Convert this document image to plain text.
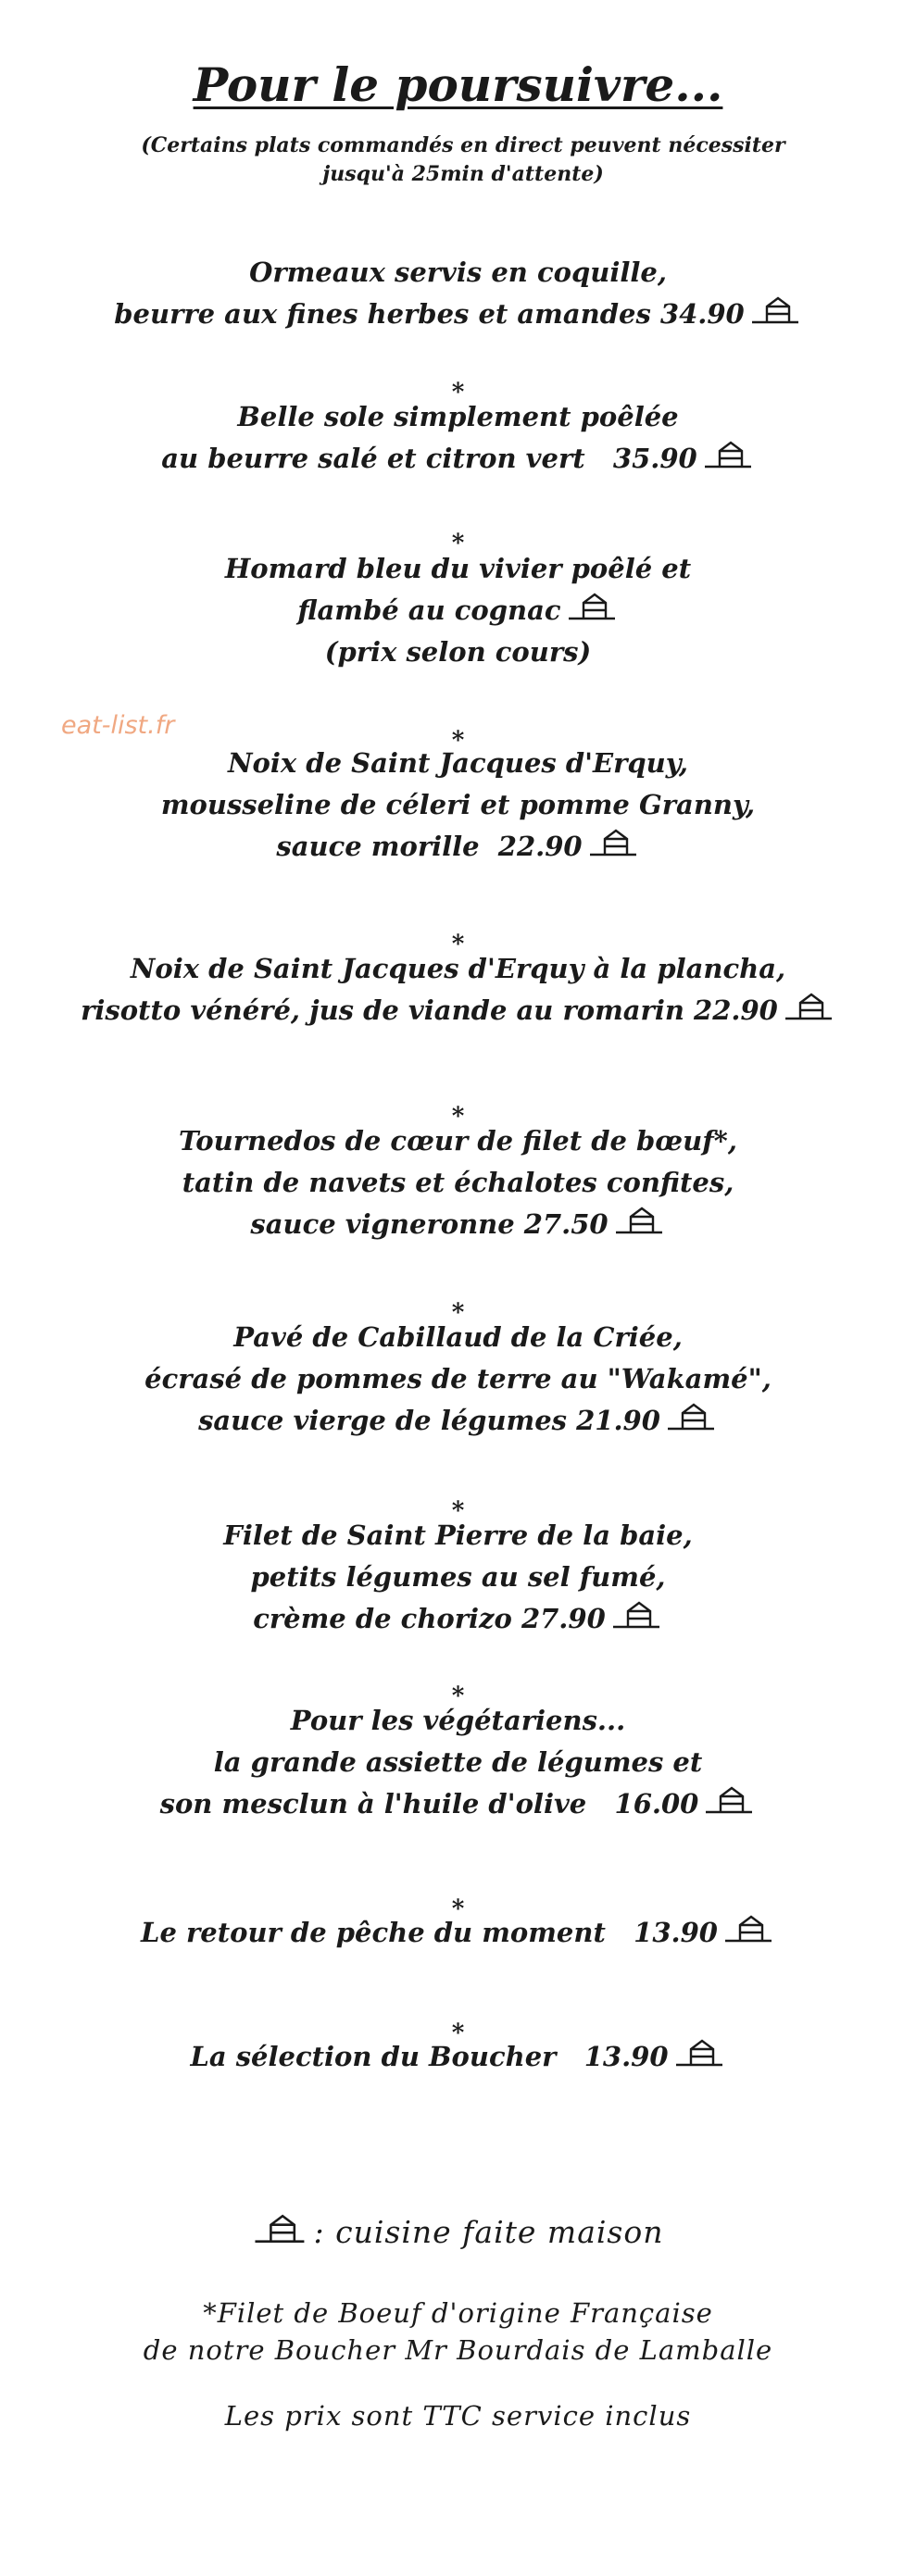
Pour le poursuivre...
(Certains plats commandés en direct peuvent nécessiter jusqu'à 25min d'attente)
eat-list.fr
Ormeaux servis en coquille,
beurre aux fines herbes et amandes 34.90
Belle sole simplement poêlée
au beurre salé et citron vert   35.90
Homard bleu du vivier poêlé et
flambé au cognac
(prix selon cours)
Noix de Saint Jacques d'Erquy,
mousseline de céleri et pomme Granny,
sauce morille  22.90
Noix de Saint Jacques d'Erquy à la plancha,
risotto vénéré, jus de viande au romarin 22.90
Tournedos de cœur de filet de bœuf*,
tatin de navets et échalotes confites,
sauce vigneronne 27.50
Pavé de Cabillaud de la Criée,
écrasé de pommes de terre au "Wakamé",
sauce vierge de légumes 21.90
Filet de Saint Pierre de la baie,
petits légumes au sel fumé,
crème de chorizo 27.90
Pour les végétariens...
la grande assiette de légumes et
son mesclun à l'huile d'olive   16.00
Le retour de pêche du moment   13.90
La sélection du Boucher   13.90
*
*
*
*
*
*
*
*
*
*
: cuisine faite maison
*Filet de Boeuf d'origine Française
de notre Boucher Mr Bourdais de Lamballe
Les prix sont TTC service inclus
